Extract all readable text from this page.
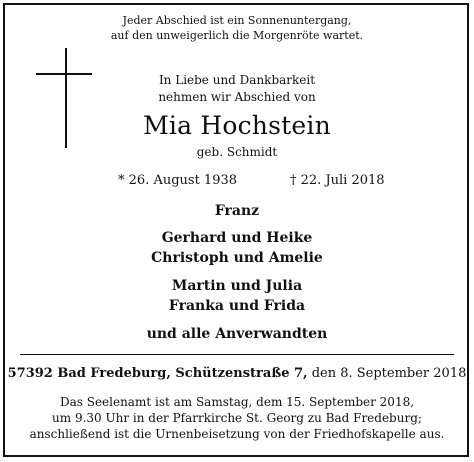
Jeder Abschied ist ein Sonnenuntergang,
auf den unweigerlich die Morgenröte wartet.
In Liebe und Dankbarkeit
nehmen wir Abschied von
Mia Hochstein
geb. Schmidt
* 26. August 1938	† 22. Juli 2018
Franz
Gerhard und Heike
Christoph und Amelie
Martin und Julia
Franka und Frida
und alle Anverwandten
57392 Bad Fredeburg, Schützenstraße 7, den 8. September 2018
Das Seelenamt ist am Samstag, dem 15. September 2018,
um 9.30 Uhr in der Pfarrkirche St. Georg zu Bad Fredeburg;
anschließend ist die Urnenbeisetzung von der Friedhofskapelle aus.
